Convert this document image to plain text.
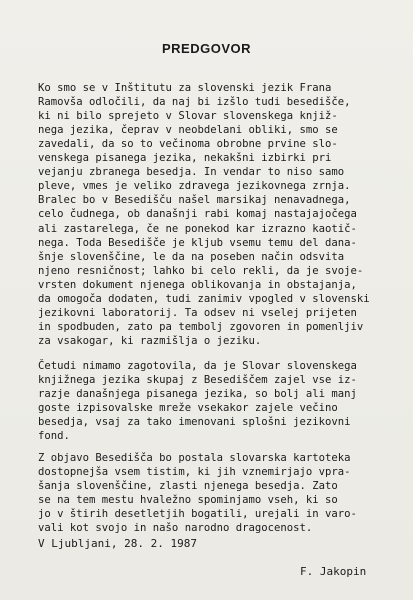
PREDGOVOR
Ko smo se v Inštitutu za slovenski jezik Frana
Ramovša odločili, da naj bi izšlo tudi besedišče,
ki ni bilo sprejeto v Slovar slovenskega knjiž-
nega jezika, čeprav v neobdelani obliki, smo se
zavedali, da so to večinoma obrobne prvine slo-
venskega pisanega jezika, nekakšni izbirki pri
vejanju zbranega besedja. In vendar to niso samo
pleve, vmes je veliko zdravega jezikovnega zrnja.
Bralec bo v Besedišču našel marsikaj nenavadnega,
celo čudnega, ob današnji rabi komaj nastajajočega
ali zastarelega, če ne ponekod kar izrazno kaotič-
nega. Toda Besedišče je kljub vsemu temu del dana-
šnje slovenščine, le da na poseben način odsvita
njeno resničnost; lahko bi celo rekli, da je svoje-
vrsten dokument njenega oblikovanja in obstajanja,
da omogoča dodaten, tudi zanimiv vpogled v slovenski
jezikovni laboratorij. Ta odsev ni vselej prijeten
in spodbuden, zato pa tembolj zgovoren in pomenljiv
za vsakogar, ki razmišlja o jeziku.
Četudi nimamo zagotovila, da je Slovar slovenskega
knjižnega jezika skupaj z Besediščem zajel vse iz-
razje današnjega pisanega jezika, so bolj ali manj
goste izpisovalske mreže vsekakor zajele večino
besedja, vsaj za tako imenovani splošni jezikovni
fond.
Z objavo Besedišča bo postala slovarska kartoteka
dostopnejša vsem tistim, ki jih vznemirjajo vpra-
šanja slovenščine, zlasti njenega besedja. Zato
se na tem mestu hvaležno spominjamo vseh, ki so
jo v štirih desetletjih bogatili, urejali in varo-
vali kot svojo in našo narodno dragocenost.
V Ljubljani, 28. 2. 1987
F. Jakopin
